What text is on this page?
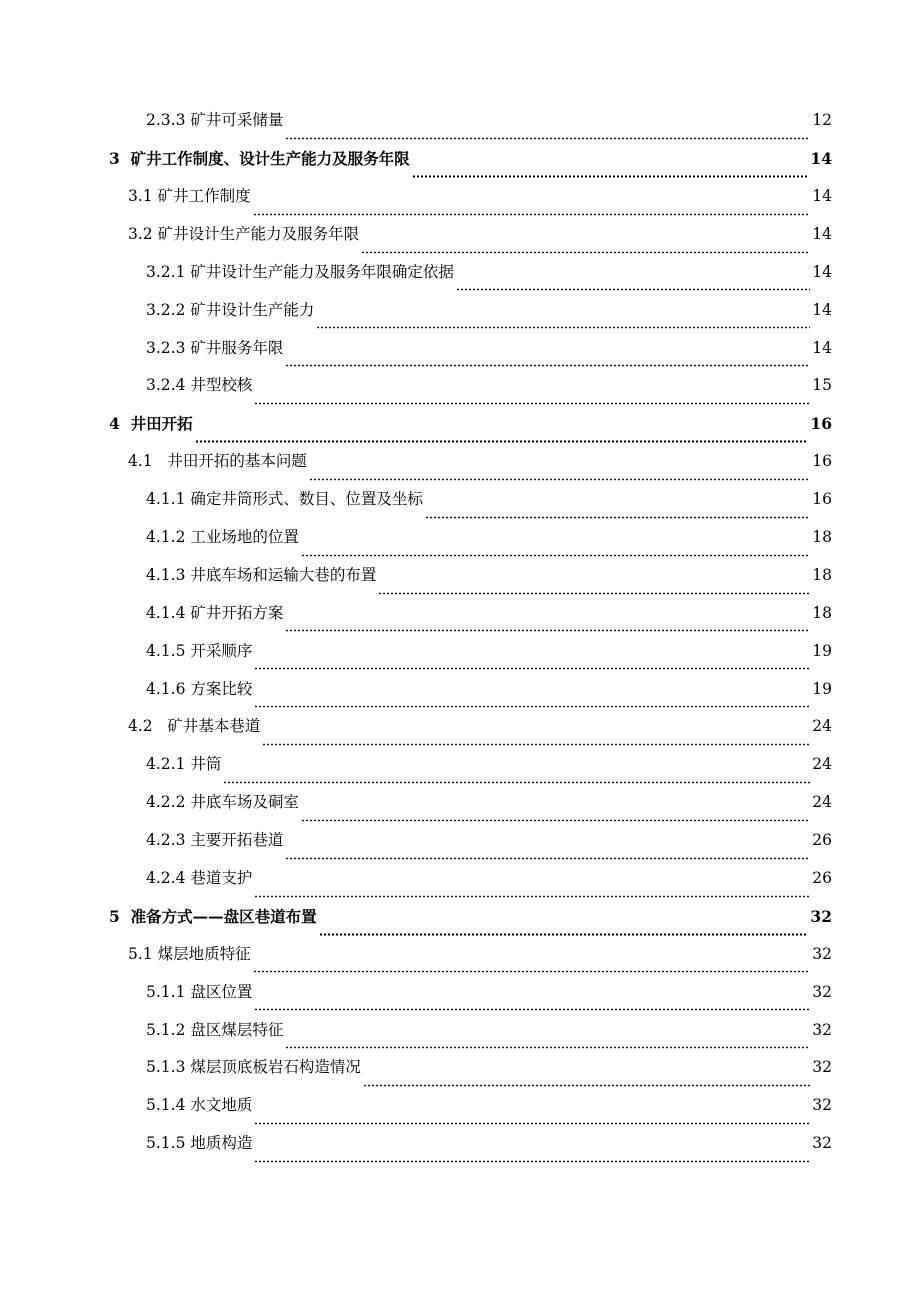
2.3.3 矿井可采储量	12
3  矿井工作制度、设计生产能力及服务年限	14
3.1 矿井工作制度	14
3.2 矿井设计生产能力及服务年限	14
3.2.1 矿井设计生产能力及服务年限确定依据	14
3.2.2 矿井设计生产能力	14
3.2.3 矿井服务年限	14
3.2.4 井型校核	15
4  井田开拓	16
4.1   井田开拓的基本问题	16
4.1.1 确定井筒形式、数目、位置及坐标	16
4.1.2 工业场地的位置	18
4.1.3 井底车场和运输大巷的布置	18
4.1.4 矿井开拓方案	18
4.1.5 开采顺序	19
4.1.6 方案比较	19
4.2   矿井基本巷道	24
4.2.1 井筒	24
4.2.2 井底车场及硐室	24
4.2.3 主要开拓巷道	26
4.2.4 巷道支护	26
5  准备方式——盘区巷道布置	32
5.1 煤层地质特征	32
5.1.1 盘区位置	32
5.1.2 盘区煤层特征	32
5.1.3 煤层顶底板岩石构造情况	32
5.1.4 水文地质	32
5.1.5 地质构造	32
